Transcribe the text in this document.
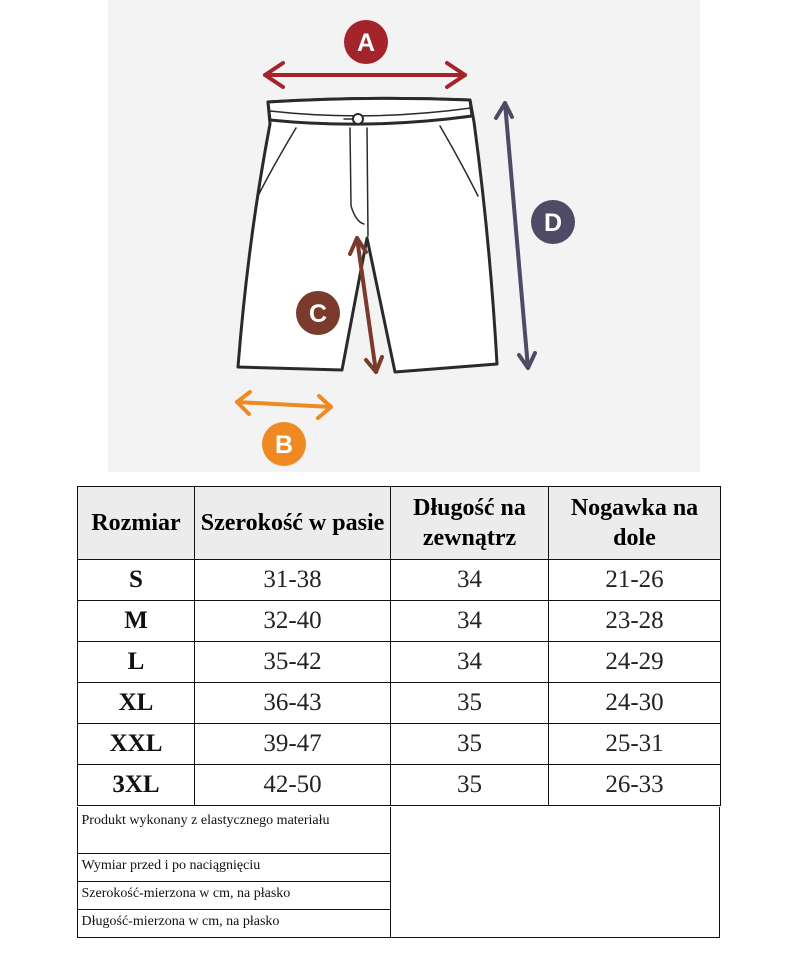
A
B
C
D
Rozmiar	Szerokość w pasie	Długość na zewnątrz	Nogawka na dole
S	31-38	34	21-26
M	32-40	34	23-28
L	35-42	34	24-29
XL	36-43	35	24-30
XXL	39-47	35	25-31
3XL	42-50	35	26-33
Produkt wykonany z elastycznego materiału
Wymiar przed i po naciągnięciu
Szerokość-mierzona w cm, na płasko
Długość-mierzona w cm, na płasko
